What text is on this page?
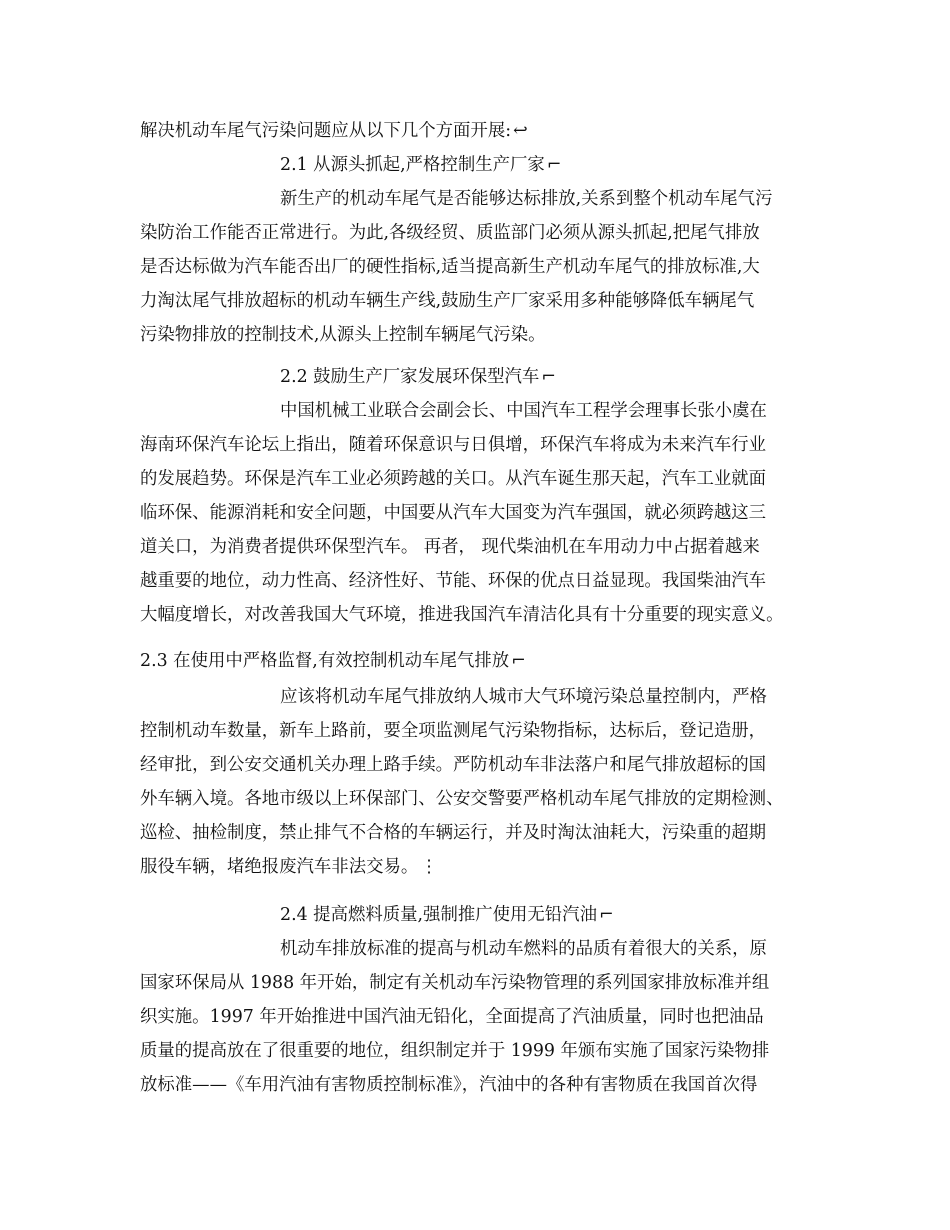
解决机动车尾气污染问题应从以下几个方面开展: ↩
2.1 从源头抓起,严格控制生产厂家 ⌐
新生产的机动车尾气是否能够达标排放,关系到整个机动车尾气污
染防治工作能否正常进行。为此,各级经贸、质监部门必须从源头抓起,把尾气排放
是否达标做为汽车能否出厂的硬性指标,适当提高新生产机动车尾气的排放标准,大
力淘汰尾气排放超标的机动车辆生产线,鼓励生产厂家采用多种能够降低车辆尾气
污染物排放的控制技术,从源头上控制车辆尾气污染。
2.2 鼓励生产厂家发展环保型汽车 ⌐
中国机械工业联合会副会长、中国汽车工程学会理事长张小虞在
海南环保汽车论坛上指出，随着环保意识与日俱增，环保汽车将成为未来汽车行业
的发展趋势。环保是汽车工业必须跨越的关口。从汽车诞生那天起，汽车工业就面
临环保、能源消耗和安全问题，中国要从汽车大国变为汽车强国，就必须跨越这三
道关口，为消费者提供环保型汽车。 再者， 现代柴油机在车用动力中占据着越来
越重要的地位，动力性高、经济性好、节能、环保的优点日益显现。我国柴油汽车
大幅度增长，对改善我国大气环境，推进我国汽车清洁化具有十分重要的现实意义。
2.3 在使用中严格监督,有效控制机动车尾气排放 ⌐
应该将机动车尾气排放纳人城市大气环境污染总量控制内，严格
控制机动车数量，新车上路前，要全项监测尾气污染物指标，达标后，登记造册，
经审批，到公安交通机关办理上路手续。严防机动车非法落户和尾气排放超标的国
外车辆入境。各地市级以上环保部门、公安交警要严格机动车尾气排放的定期检测、
巡检、抽检制度，禁止排气不合格的车辆运行，并及时淘汰油耗大，污染重的超期
服役车辆，堵绝报废汽车非法交易。 ⋮
2.4 提高燃料质量,强制推广使用无铅汽油 ⌐
机动车排放标准的提高与机动车燃料的品质有着很大的关系，原
国家环保局从 1988 年开始，制定有关机动车污染物管理的系列国家排放标准并组
织实施。1997 年开始推进中国汽油无铅化，全面提高了汽油质量，同时也把油品
质量的提高放在了很重要的地位，组织制定并于 1999 年颁布实施了国家污染物排
放标准——《车用汽油有害物质控制标准》，汽油中的各种有害物质在我国首次得
